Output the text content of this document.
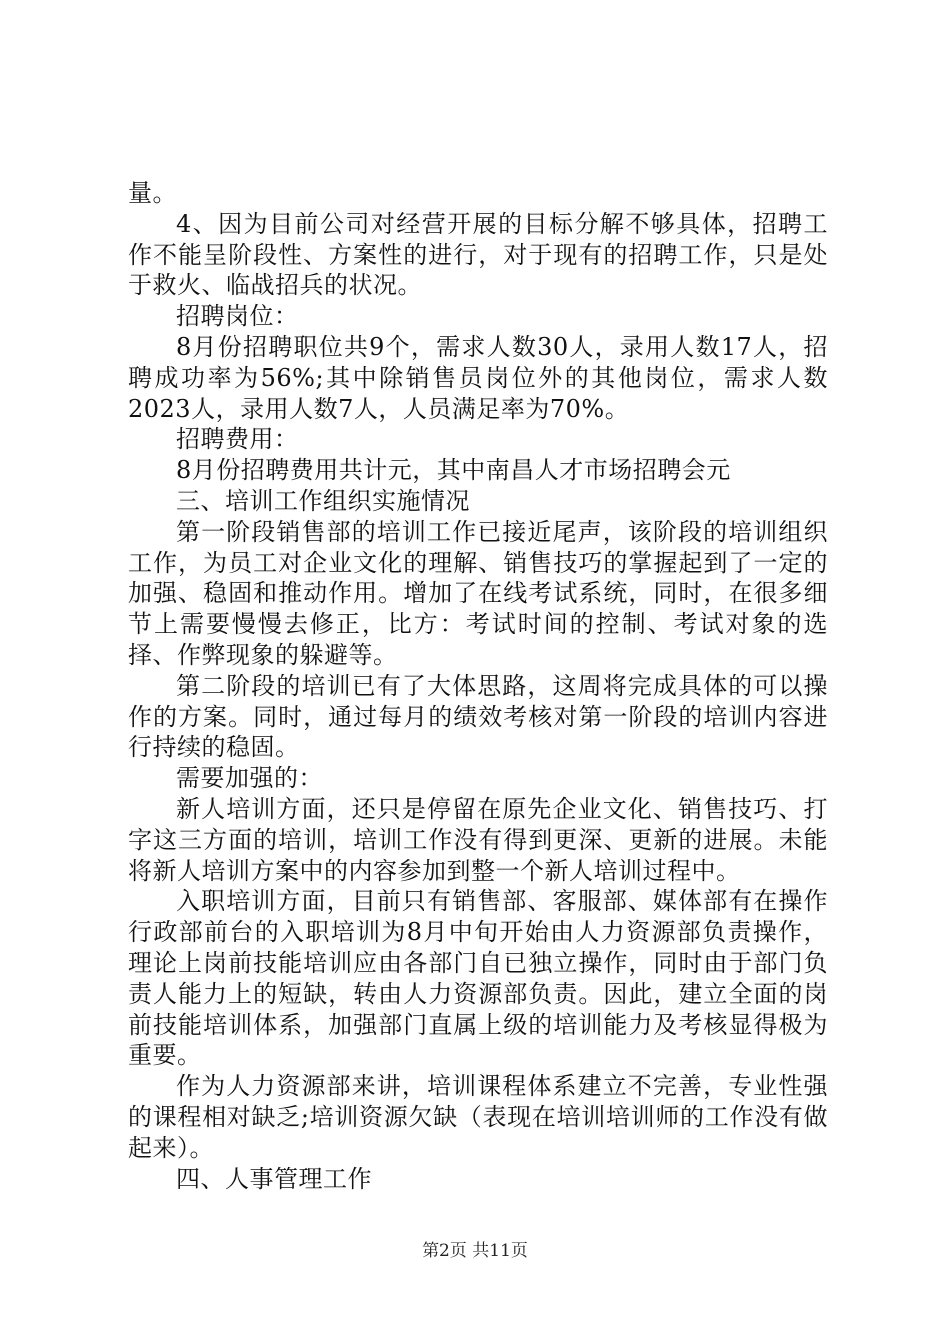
量。

4、因为目前公司对经营开展的目标分解不够具体，招聘工作不能呈阶段性、方案性的进行，对于现有的招聘工作，只是处于救火、临战招兵的状况。

招聘岗位：

8月份招聘职位共9个，需求人数30人，录用人数17人，招聘成功率为56%;其中除销售员岗位外的其他岗位，需求人数2023人，录用人数7人，人员满足率为70%。

招聘费用：

8月份招聘费用共计元，其中南昌人才市场招聘会元

三、培训工作组织实施情况

第一阶段销售部的培训工作已接近尾声，该阶段的培训组织工作，为员工对企业文化的理解、销售技巧的掌握起到了一定的加强、稳固和推动作用。增加了在线考试系统，同时，在很多细节上需要慢慢去修正，比方：考试时间的控制、考试对象的选择、作弊现象的躲避等。

第二阶段的培训已有了大体思路，这周将完成具体的可以操作的方案。同时，通过每月的绩效考核对第一阶段的培训内容进行持续的稳固。

需要加强的：

新人培训方面，还只是停留在原先企业文化、销售技巧、打字这三方面的培训，培训工作没有得到更深、更新的进展。未能将新人培训方案中的内容参加到整一个新人培训过程中。

入职培训方面，目前只有销售部、客服部、媒体部有在操作行政部前台的入职培训为8月中旬开始由人力资源部负责操作，理论上岗前技能培训应由各部门自已独立操作，同时由于部门负责人能力上的短缺，转由人力资源部负责。因此，建立全面的岗前技能培训体系，加强部门直属上级的培训能力及考核显得极为重要。

作为人力资源部来讲，培训课程体系建立不完善，专业性强的课程相对缺乏;培训资源欠缺（表现在培训培训师的工作没有做起来）。

四、人事管理工作

第2页 共11页
